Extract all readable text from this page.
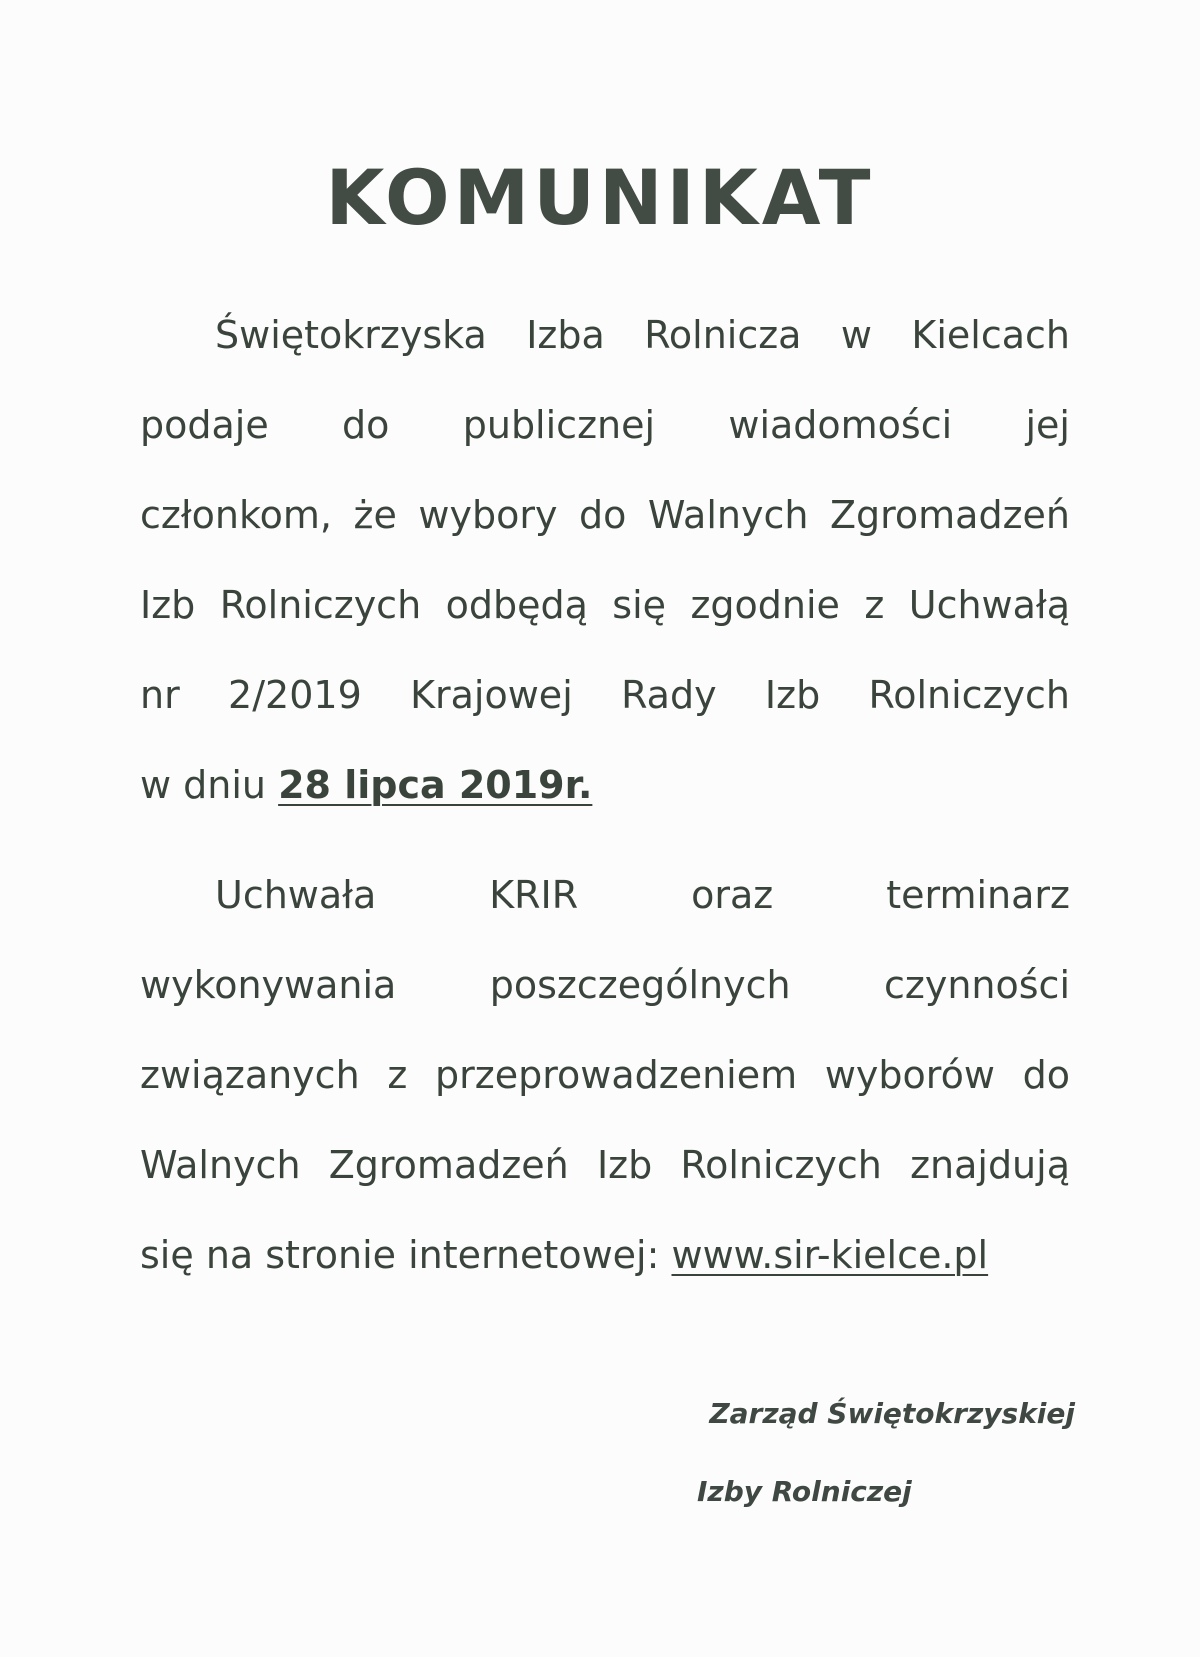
KOMUNIKAT
Świętokrzyska Izba Rolnicza w Kielcach
podaje do publicznej wiadomości jej
członkom, że wybory do Walnych Zgromadzeń
Izb Rolniczych odbędą się zgodnie z Uchwałą
nr 2/2019 Krajowej Rady Izb Rolniczych
w dniu 28 lipca 2019r.
Uchwała KRIR oraz terminarz
wykonywania poszczególnych czynności
związanych z przeprowadzeniem wyborów do
Walnych Zgromadzeń Izb Rolniczych znajdują
się na stronie internetowej: www.sir-kielce.pl
Zarząd Świętokrzyskiej
Izby Rolniczej
